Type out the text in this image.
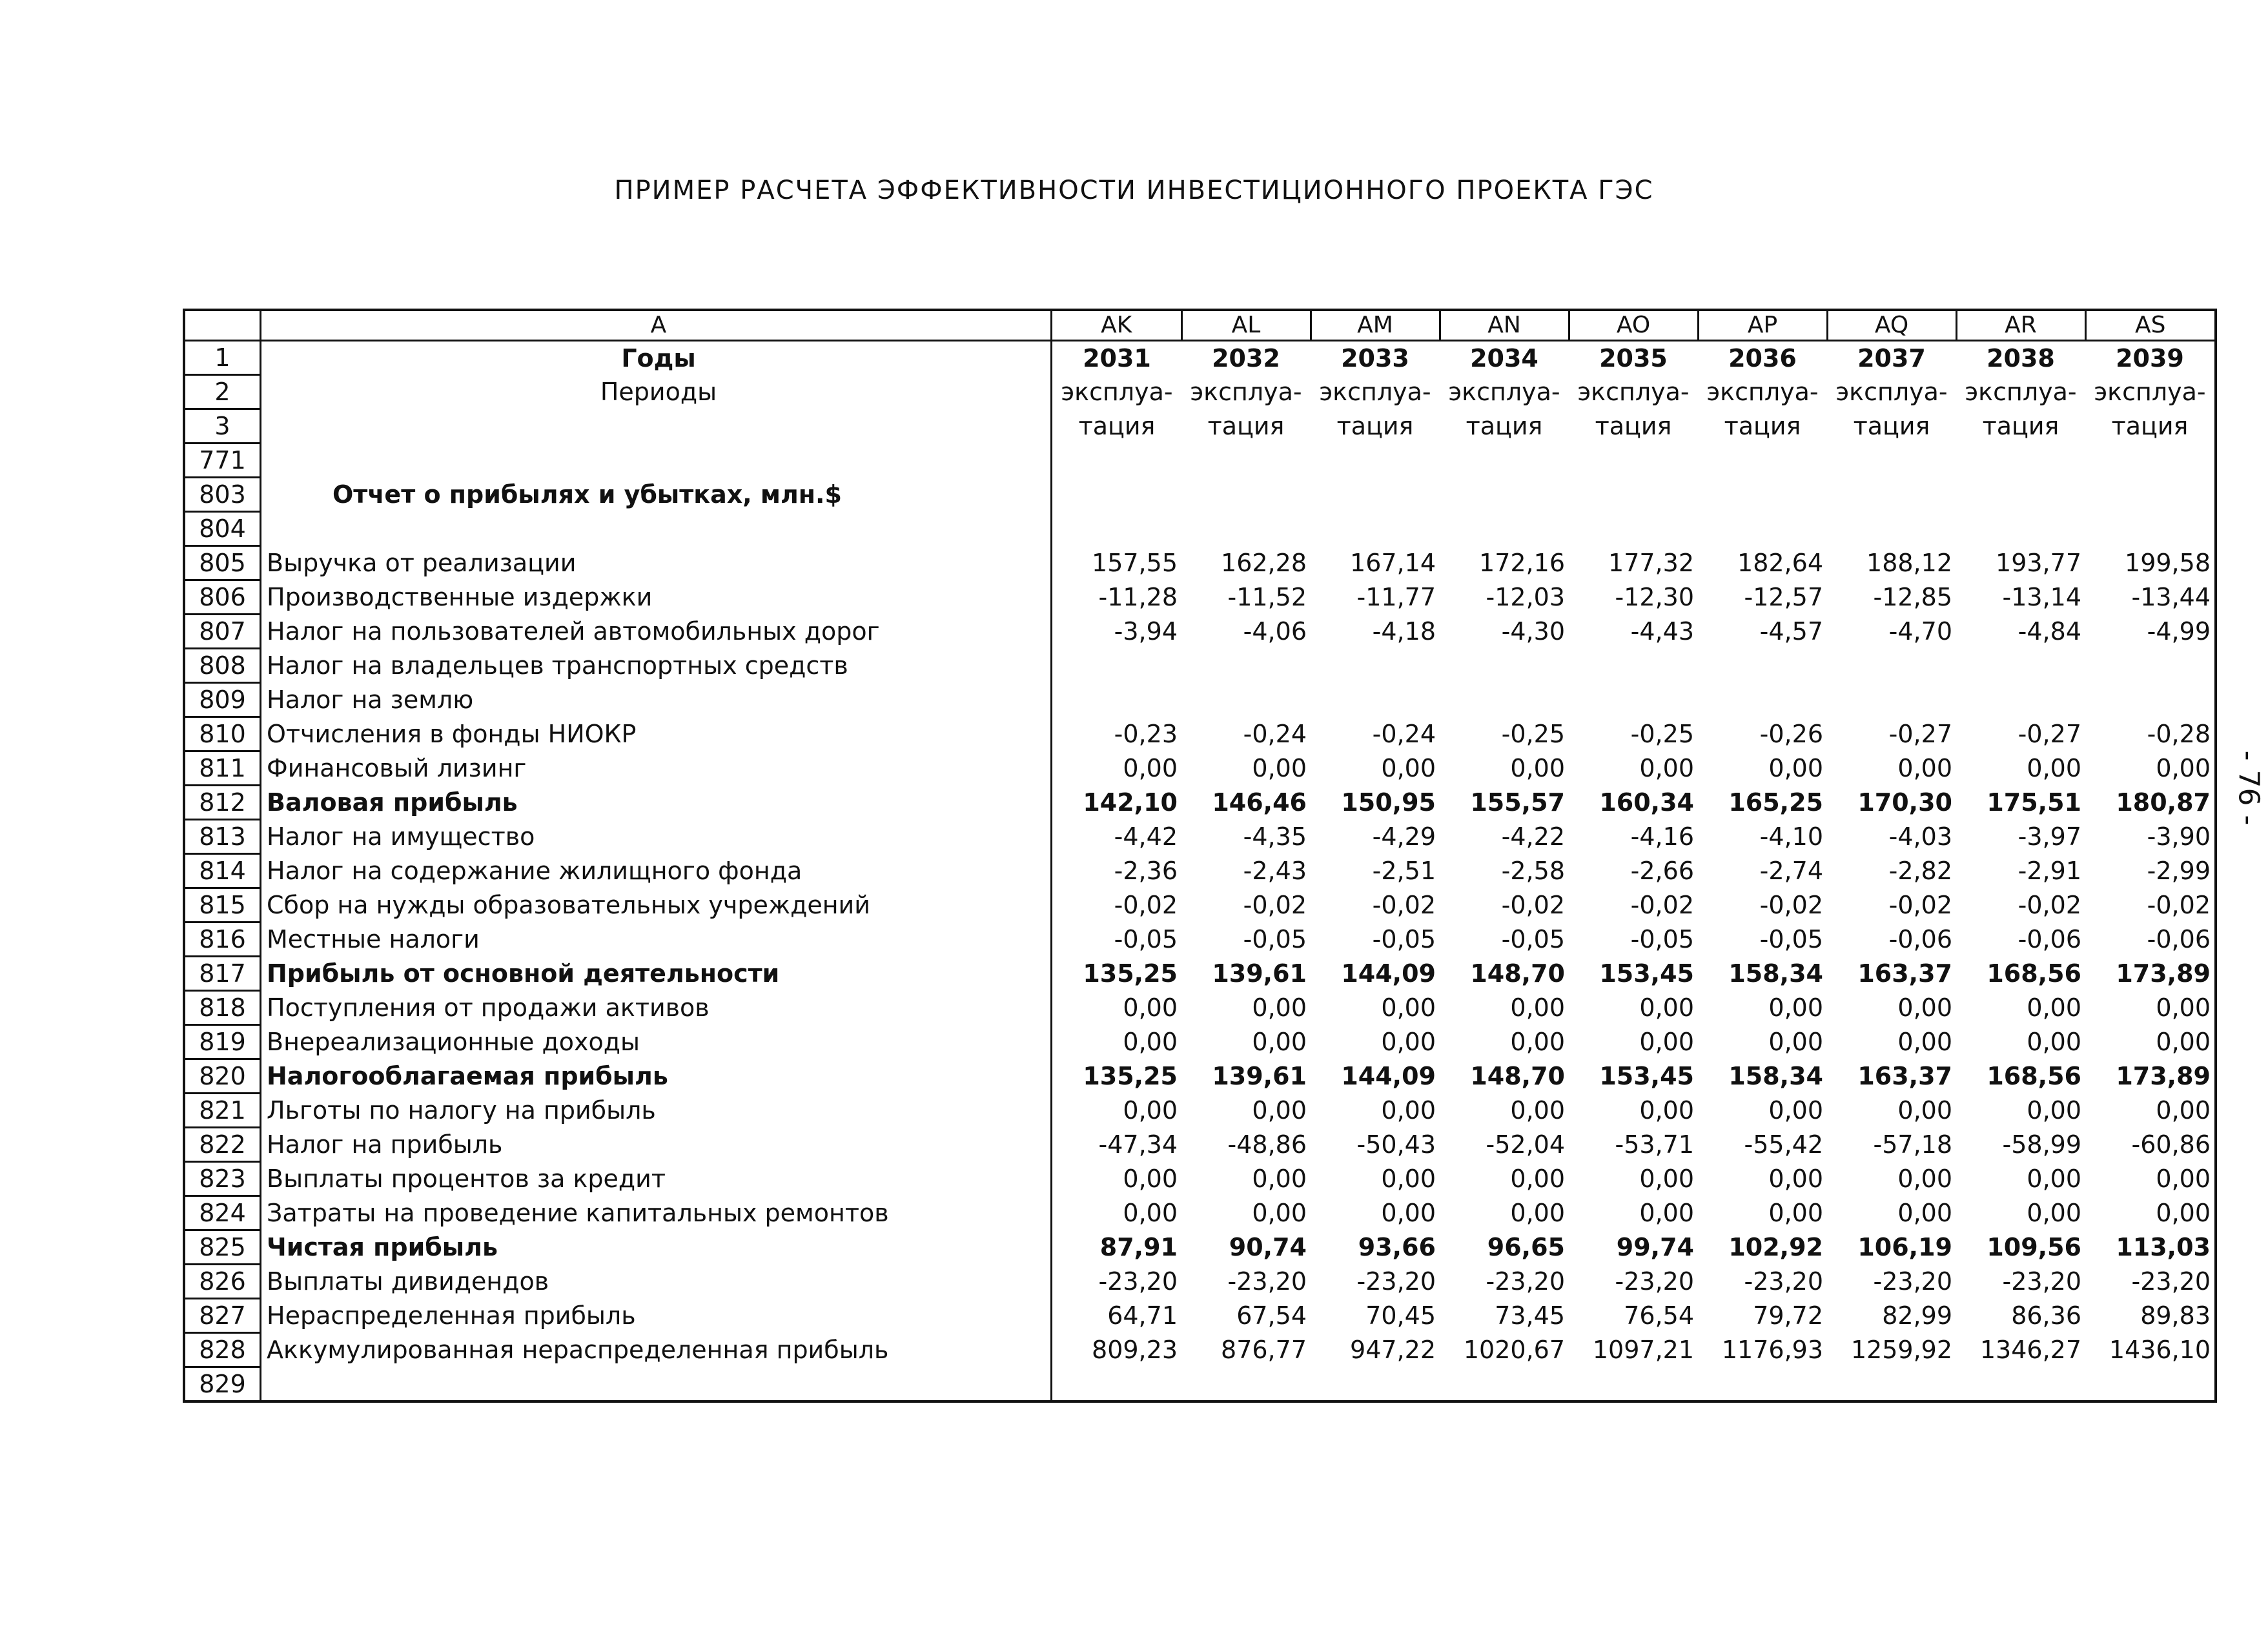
ПРИМЕР РАСЧЕТА ЭФФЕКТИВНОСТИ ИНВЕСТИЦИОННОГО ПРОЕКТА ГЭС
- 76 -
	A	AK	AL	AM	AN	AO	AP	AQ	AR	AS
1	Годы	2031	2032	2033	2034	2035	2036	2037	2038	2039
2	Периоды	эксплуа-	эксплуа-	эксплуа-	эксплуа-	эксплуа-	эксплуа-	эксплуа-	эксплуа-	эксплуа-
3		тация	тация	тация	тация	тация	тация	тация	тация	тация
771										
803	Отчет о прибылях и убытках, млн.$									
804										
805	Выручка от реализации	157,55	162,28	167,14	172,16	177,32	182,64	188,12	193,77	199,58
806	Производственные издержки	-11,28	-11,52	-11,77	-12,03	-12,30	-12,57	-12,85	-13,14	-13,44
807	Налог на пользователей автомобильных дорог	-3,94	-4,06	-4,18	-4,30	-4,43	-4,57	-4,70	-4,84	-4,99
808	Налог на владельцев транспортных средств									
809	Налог на землю									
810	Отчисления в фонды НИОКР	-0,23	-0,24	-0,24	-0,25	-0,25	-0,26	-0,27	-0,27	-0,28
811	Финансовый лизинг	0,00	0,00	0,00	0,00	0,00	0,00	0,00	0,00	0,00
812	Валовая прибыль	142,10	146,46	150,95	155,57	160,34	165,25	170,30	175,51	180,87
813	Налог на имущество	-4,42	-4,35	-4,29	-4,22	-4,16	-4,10	-4,03	-3,97	-3,90
814	Налог на содержание жилищного фонда	-2,36	-2,43	-2,51	-2,58	-2,66	-2,74	-2,82	-2,91	-2,99
815	Сбор на нужды образовательных учреждений	-0,02	-0,02	-0,02	-0,02	-0,02	-0,02	-0,02	-0,02	-0,02
816	Местные налоги	-0,05	-0,05	-0,05	-0,05	-0,05	-0,05	-0,06	-0,06	-0,06
817	Прибыль от основной деятельности	135,25	139,61	144,09	148,70	153,45	158,34	163,37	168,56	173,89
818	Поступления от продажи активов	0,00	0,00	0,00	0,00	0,00	0,00	0,00	0,00	0,00
819	Внереализационные доходы	0,00	0,00	0,00	0,00	0,00	0,00	0,00	0,00	0,00
820	Налогооблагаемая прибыль	135,25	139,61	144,09	148,70	153,45	158,34	163,37	168,56	173,89
821	Льготы по налогу на прибыль	0,00	0,00	0,00	0,00	0,00	0,00	0,00	0,00	0,00
822	Налог на прибыль	-47,34	-48,86	-50,43	-52,04	-53,71	-55,42	-57,18	-58,99	-60,86
823	Выплаты процентов за кредит	0,00	0,00	0,00	0,00	0,00	0,00	0,00	0,00	0,00
824	Затраты на проведение капитальных ремонтов	0,00	0,00	0,00	0,00	0,00	0,00	0,00	0,00	0,00
825	Чистая прибыль	87,91	90,74	93,66	96,65	99,74	102,92	106,19	109,56	113,03
826	Выплаты дивидендов	-23,20	-23,20	-23,20	-23,20	-23,20	-23,20	-23,20	-23,20	-23,20
827	Нераспределенная прибыль	64,71	67,54	70,45	73,45	76,54	79,72	82,99	86,36	89,83
828	Аккумулированная нераспределенная прибыль	809,23	876,77	947,22	1020,67	1097,21	1176,93	1259,92	1346,27	1436,10
829										
